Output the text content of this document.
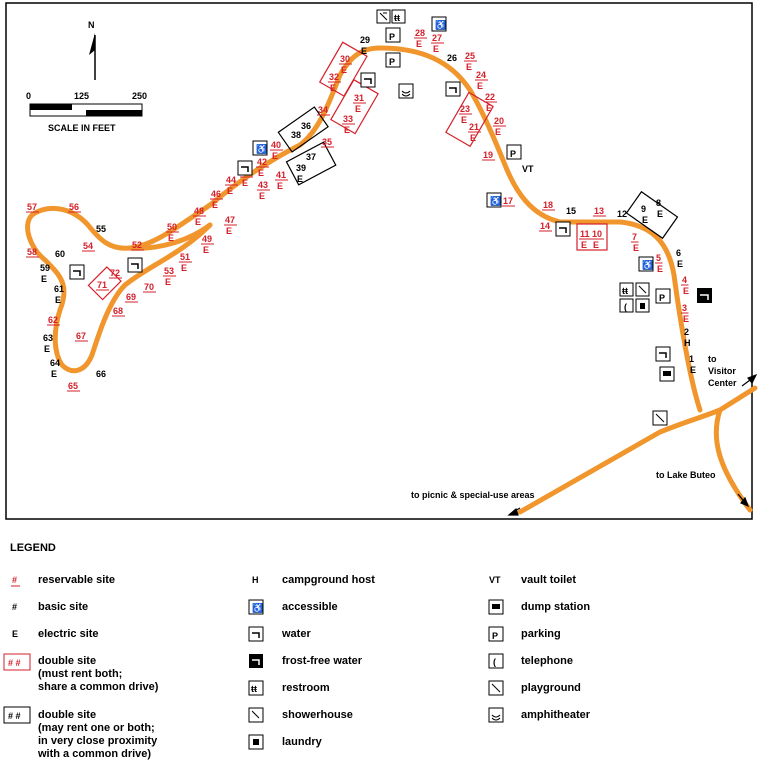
N
0	125	250
SCALE IN FEET
1
E
2
3
E
4
E
5
E
6
E
7
E
8
E
9
E
10
E
11
E
12
13
14
15
17	18
19
20
E
21
E
22
E
23
E
24
E
25
E
26
27
E
28
E
29
E
30
E
31
E
32
E
33
E
34
35
36
37
38
39
E
40
E
41
E
42
E
43
E
44
E
E
46
E
47
E
48
E
49
E
50
E
51
E
52
53
E
54
55
56
57
58
59
E
60
61
E
62
63
E
64
E
65
66
67
68
69
70
71
72
P
P
P
P
ŧŧ
♿
♿
♿
♿
ŧŧ
(
VT
H
to
Visitor
Center
to Lake Buteo
to picnic & special-use areas
LEGEND
# reservable site
# basic site
E electric site
# # double site
(must rent both;
share a common drive)
# # double site
(may rent one or both;
in very close proximity
with a common drive)
H campground host
♿ accessible
water
frost-free water
ŧŧ restroom
showerhouse
laundry
VT vault toilet
dump station
P parking
( telephone
playground
amphitheater
